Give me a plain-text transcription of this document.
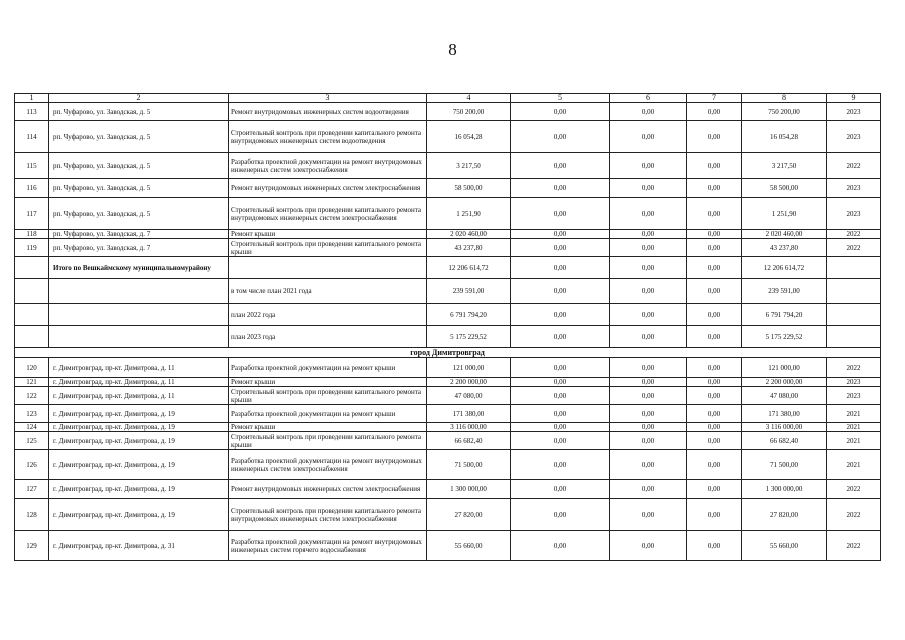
8
1	2	3	4	5	6	7	8	9
113	рп. Чуфарово, ул. Заводская, д. 5	Ремонт внутридомовых инженерных систем водоотведения	750 200,00	0,00	0,00	0,00	750 200,00	2023
114	рп. Чуфарово, ул. Заводская, д. 5	Строительный контроль при проведении капитального ремонта внутридомовых инженерных систем водоотведения	16 054,28	0,00	0,00	0,00	16 054,28	2023
115	рп. Чуфарово, ул. Заводская, д. 5	Разработка проектной документации на ремонт внутридомовых инженерных систем электроснабжения	3 217,50	0,00	0,00	0,00	3 217,50	2022
116	рп. Чуфарово, ул. Заводская, д. 5	Ремонт внутридомовых инженерных систем электроснабжения	58 500,00	0,00	0,00	0,00	58 500,00	2023
117	рп. Чуфарово, ул. Заводская, д. 5	Строительный контроль при проведении капитального ремонта внутридомовых инженерных систем электроснабжения	1 251,90	0,00	0,00	0,00	1 251,90	2023
118	рп. Чуфарово, ул. Заводская, д. 7	Ремонт крыши	2 020 460,00	0,00	0,00	0,00	2 020 460,00	2022
119	рп. Чуфарово, ул. Заводская, д. 7	Строительный контроль при проведении капитального ремонта крыши	43 237,80	0,00	0,00	0,00	43 237,80	2022
	Итого по Вешкаймскому муниципальномурайону		12 206 614,72	0,00	0,00	0,00	12 206 614,72	
		в том числе план 2021 года	239 591,00	0,00	0,00	0,00	239 591,00	
		план 2022 года	6 791 794,20	0,00	0,00	0,00	6 791 794,20	
		план 2023 года	5 175 229,52	0,00	0,00	0,00	5 175 229,52	
город Димитровград								
120	г. Димитровград, пр-кт. Димитрова, д. 11	Разработка проектной документации на ремонт крыши	121 000,00	0,00	0,00	0,00	121 000,00	2022
121	г. Димитровград, пр-кт. Димитрова, д. 11	Ремонт крыши	2 200 000,00	0,00	0,00	0,00	2 200 000,00	2023
122	г. Димитровград, пр-кт. Димитрова, д. 11	Строительный контроль при проведении капитального ремонта крыши	47 080,00	0,00	0,00	0,00	47 080,00	2023
123	г. Димитровград, пр-кт. Димитрова, д. 19	Разработка проектной документации на ремонт крыши	171 380,00	0,00	0,00	0,00	171 380,00	2021
124	г. Димитровград, пр-кт. Димитрова, д. 19	Ремонт крыши	3 116 000,00	0,00	0,00	0,00	3 116 000,00	2021
125	г. Димитровград, пр-кт. Димитрова, д. 19	Строительный контроль при проведении капитального ремонта крыши	66 682,40	0,00	0,00	0,00	66 682,40	2021
126	г. Димитровград, пр-кт. Димитрова, д. 19	Разработка проектной документации на ремонт внутридомовых инженерных систем электроснабжения	71 500,00	0,00	0,00	0,00	71 500,00	2021
127	г. Димитровград, пр-кт. Димитрова, д. 19	Ремонт внутридомовых инженерных систем электроснабжения	1 300 000,00	0,00	0,00	0,00	1 300 000,00	2022
128	г. Димитровград, пр-кт. Димитрова, д. 19	Строительный контроль при проведении капитального ремонта внутридомовых инженерных систем электроснабжения	27 820,00	0,00	0,00	0,00	27 820,00	2022
129	г. Димитровград, пр-кт. Димитрова, д. 31	Разработка проектной документации на ремонт внутридомовых инженерных систем горячего водоснабжения	55 660,00	0,00	0,00	0,00	55 660,00	2022
